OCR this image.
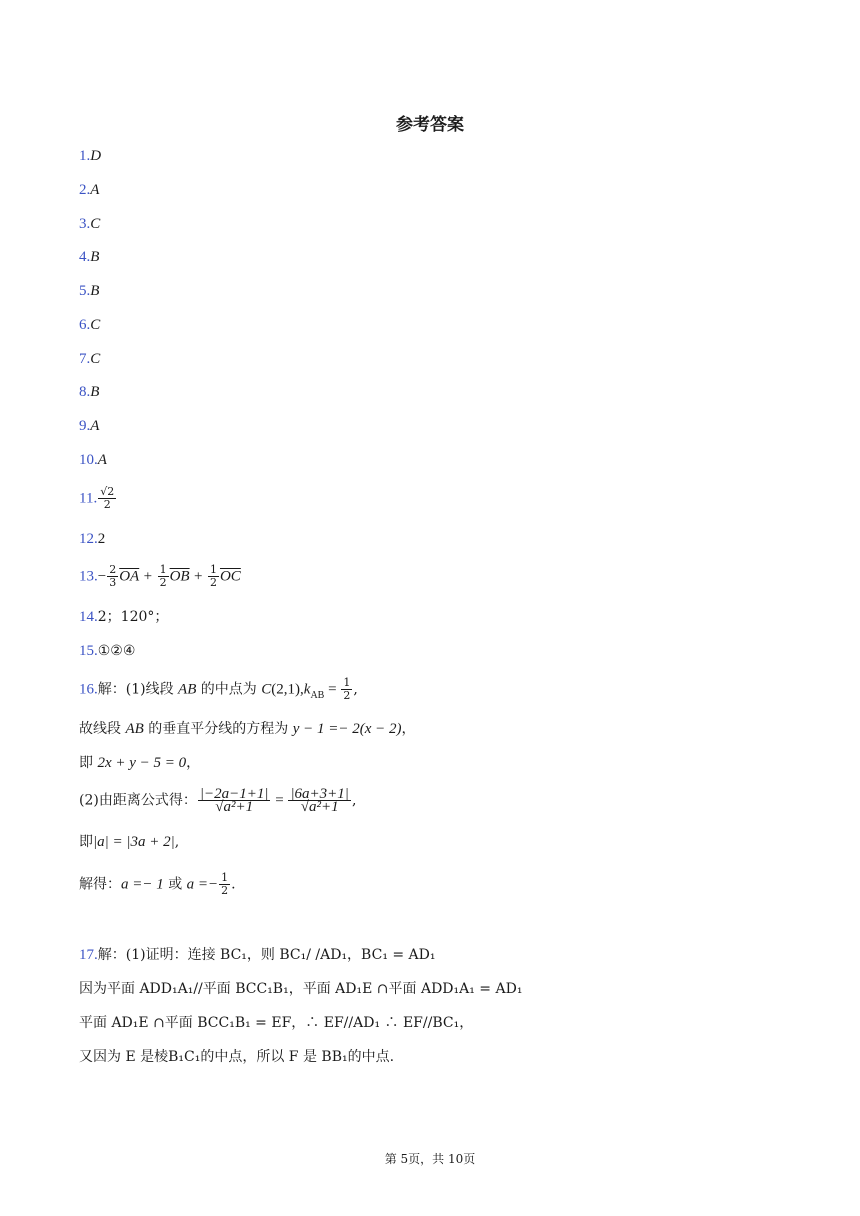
参考答案
1.D
2.A
3.C
4.B
5.B
6.C
7.C
8.B
9.A
10.A
11. $\frac{√2}{2}$
12.2
$13.- \frac{2}{3} \overline{OA} + \frac{1}{2} \overline{OB} + \frac{1}{2} \overline{OC}$
14.2；120°；
15.①②④
16.解：(1)线段 AB 的中点为 $C(2,1),k_{AB} = \frac{1}{2}$ ,
故线段 AB 的垂直平分线的方程为 y − 1 =− 2(x − 2)，
即 2x + y − 5 = 0，
(2)由距离公式得： $\frac{|-2a-1+1|}{\text{√a²+1}} = \frac{|6a+3+1|}{\text{√a²+1}}$ ,
即|a| = |3a + 2|,
解得：a =− 1 或 $a =- \frac{1}{2}$ .
17.解：(1)证明：连接 BC₁，则 BC₁/ /AD₁，BC₁ = AD₁
因为平面 ADD₁A₁//平面 BCC₁B₁，平面 AD₁E ∩平面 ADD₁A₁ = AD₁
平面 AD₁E ∩平面 BCC₁B₁ = EF，∴ EF//AD₁ ∴ EF//BC₁，
又因为 E 是棱B₁C₁的中点，所以 F 是 BB₁的中点.
第 5页，共 10页
